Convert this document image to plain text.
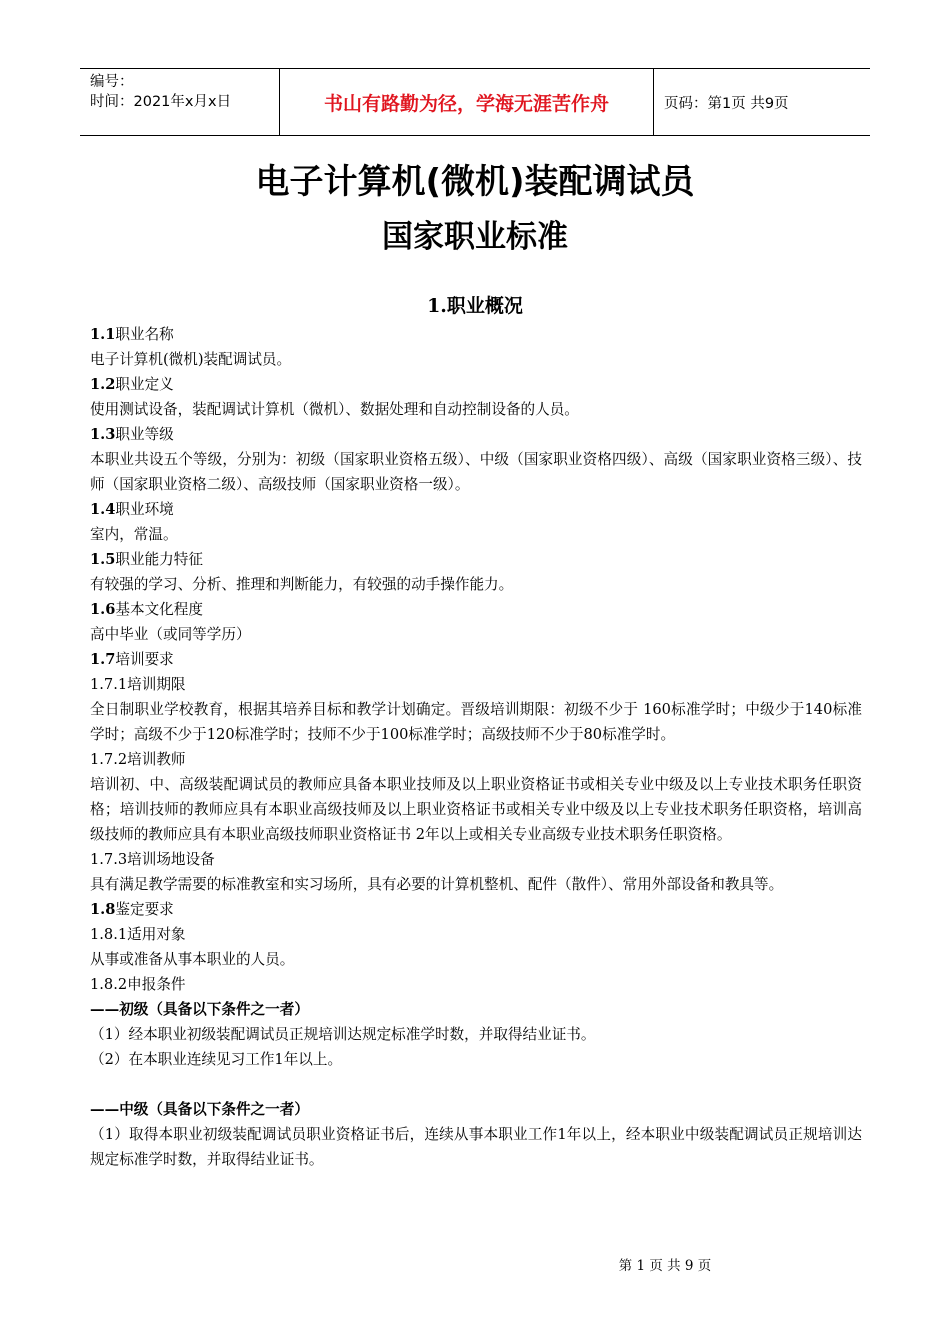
编号：
时间：2021年x月x日	书山有路勤为径，学海无涯苦作舟	页码：第1页 共9页
电子计算机(微机)装配调试员
国家职业标准
1.职业概况

1.1职业名称

电子计算机(微机)装配调试员。

1.2职业定义

使用测试设备，装配调试计算机（微机）、数据处理和自动控制设备的人员。

1.3职业等级

本职业共设五个等级，分别为：初级（国家职业资格五级）、中级（国家职业资格四级）、高级（国家职业资格三级）、技师（国家职业资格二级）、高级技师（国家职业资格一级）。

1.4职业环境

室内，常温。

1.5职业能力特征

有较强的学习、分析、推理和判断能力，有较强的动手操作能力。

1.6基本文化程度

高中毕业（或同等学历）

1.7培训要求

1.7.1培训期限

全日制职业学校教育，根据其培养目标和教学计划确定。晋级培训期限：初级不少于 160标准学时；中级少于140标准学时；高级不少于120标准学时；技师不少于100标准学时；高级技师不少于80标准学时。

1.7.2培训教师

培训初、中、高级装配调试员的教师应具备本职业技师及以上职业资格证书或相关专业中级及以上专业技术职务任职资格；培训技师的教师应具有本职业高级技师及以上职业资格证书或相关专业中级及以上专业技术职务任职资格，培训高级技师的教师应具有本职业高级技师职业资格证书 2年以上或相关专业高级专业技术职务任职资格。

1.7.3培训场地设备

具有满足教学需要的标准教室和实习场所，具有必要的计算机整机、配件（散件）、常用外部设备和教具等。

1.8鉴定要求

1.8.1适用对象

从事或准备从事本职业的人员。

1.8.2申报条件

——初级（具备以下条件之一者）

（1）经本职业初级装配调试员正规培训达规定标准学时数，并取得结业证书。

（2）在本职业连续见习工作1年以上。

——中级（具备以下条件之一者）

（1）取得本职业初级装配调试员职业资格证书后，连续从事本职业工作1年以上，经本职业中级装配调试员正规培训达规定标准学时数，并取得结业证书。

第 1 页 共 9 页
